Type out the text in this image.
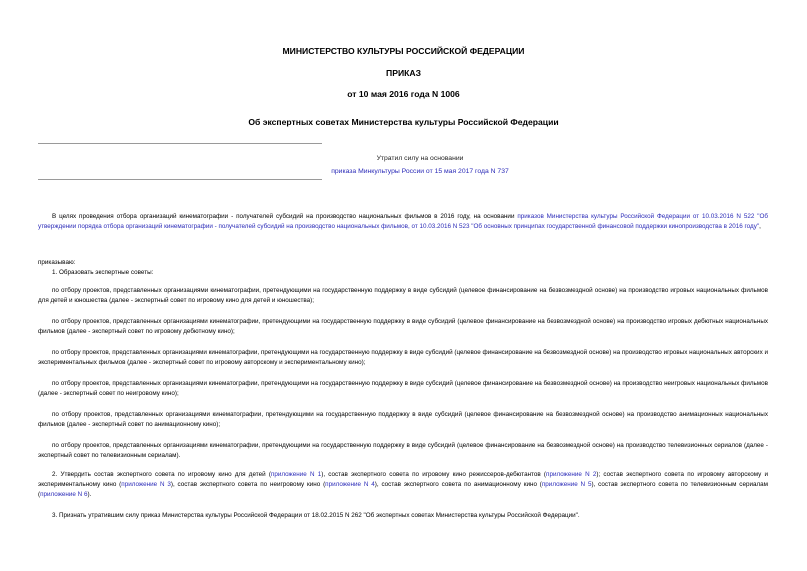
МИНИСТЕРСТВО КУЛЬТУРЫ РОССИЙСКОЙ ФЕДЕРАЦИИ
ПРИКАЗ
от 10 мая 2016 года N 1006
Об экспертных советах Министерства культуры Российской Федерации
Утратил силу на основании
приказа Минкультуры России от 15 мая 2017 года N 737
В целях проведения отбора организаций кинематографии - получателей субсидий на производство национальных фильмов в 2016 году, на основании приказов Министерства культуры Российской Федерации от 10.03.2016 N 522 "Об утверждении порядка отбора организаций кинематографии - получателей субсидий на производство национальных фильмов, от 10.03.2016 N 523 "Об основных принципах государственной финансовой поддержки кинопроизводства в 2016 году",
приказываю:
1. Образовать экспертные советы:
по отбору проектов, представленных организациями кинематографии, претендующими на государственную поддержку в виде субсидий (целевое финансирование на безвозмездной основе) на производство игровых национальных фильмов для детей и юношества (далее - экспертный совет по игровому кино для детей и юношества);
по отбору проектов, представленных организациями кинематографии, претендующими на государственную поддержку в виде субсидий (целевое финансирование на безвозмездной основе) на производство игровых дебютных национальных фильмов (далее - экспертный совет по игровому дебютному кино);
по отбору проектов, представленных организациями кинематографии, претендующими на государственную поддержку в виде субсидий (целевое финансирование на безвозмездной основе) на производство игровых национальных авторских и экспериментальных фильмов (далее - экспертный совет по игровому авторскому и экспериментальному кино);
по отбору проектов, представленных организациями кинематографии, претендующими на государственную поддержку в виде субсидий (целевое финансирование на безвозмездной основе) на производство неигровых национальных фильмов (далее - экспертный совет по неигровому кино);
по отбору проектов, представленных организациями кинематографии, претендующими на государственную поддержку в виде субсидий (целевое финансирование на безвозмездной основе) на производство анимационных национальных фильмов (далее - экспертный совет по анимационному кино);
по отбору проектов, представленных организациями кинематографии, претендующими на государственную поддержку в виде субсидий (целевое финансирование на безвозмездной основе) на производство телевизионных сериалов (далее - экспертный совет по телевизионным сериалам).
2. Утвердить состав экспертного совета по игровому кино для детей (приложение N 1), состав экспертного совета по игровому кино режиссеров-дебютантов (приложение N 2); состав экспертного совета по игровому авторскому и экспериментальному кино (приложение N 3), состав экспертного совета по неигровому кино (приложение N 4), состав экспертного совета по анимационному кино (приложение N 5), состав экспертного совета по телевизионным сериалам (приложение N 6).
3. Признать утратившим силу приказ Министерства культуры Российской Федерации от 18.02.2015 N 262 "Об экспертных советах Министерства культуры Российской Федерации".
